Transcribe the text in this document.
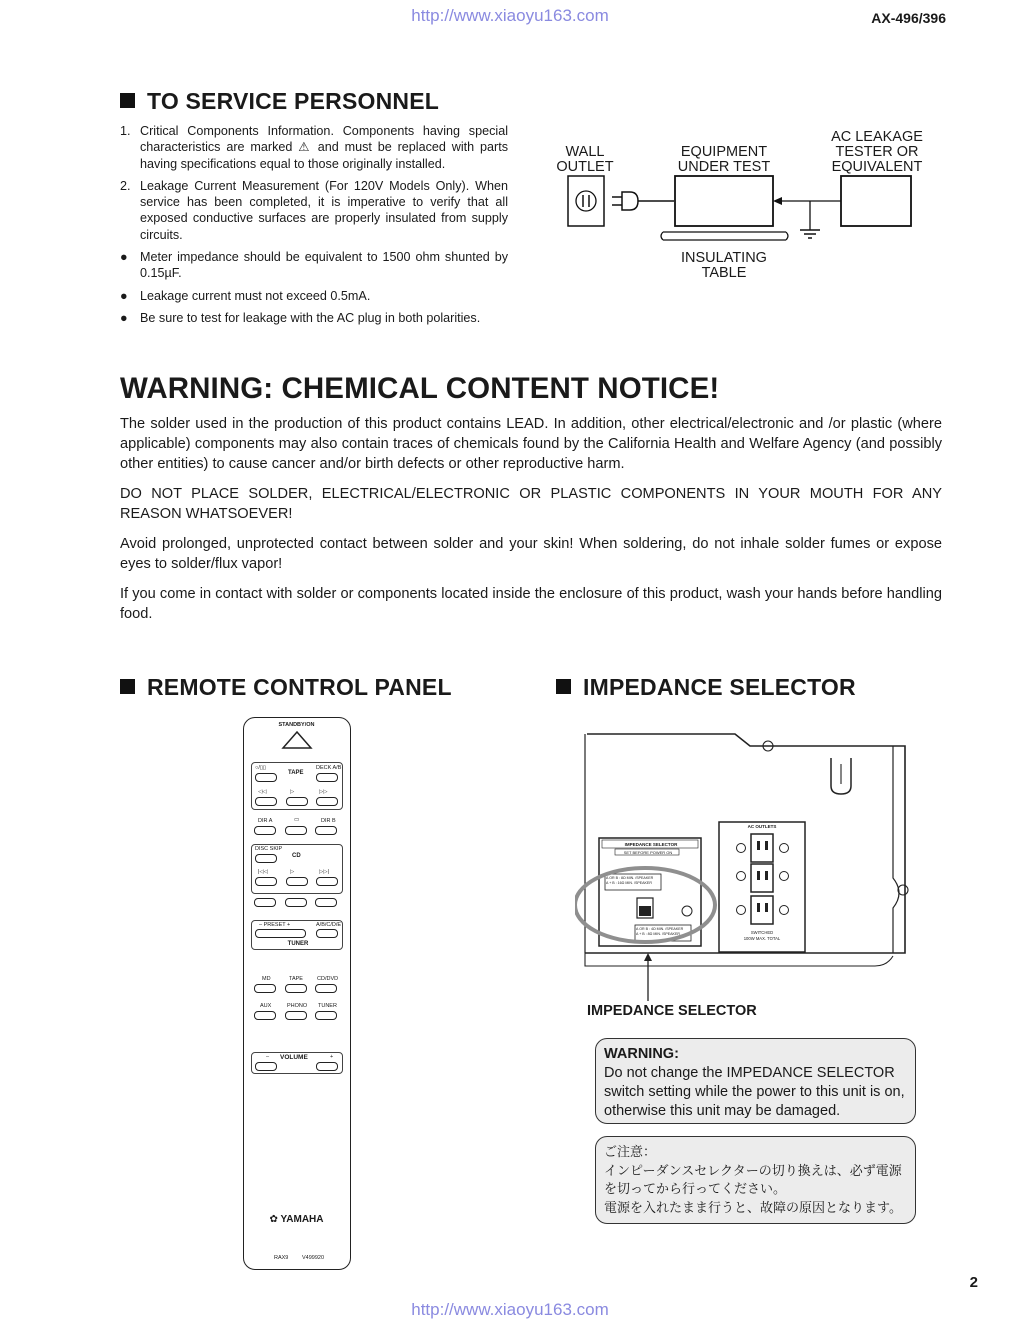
http://www.xiaoyu163.com	AX-496/396
http://www.xiaoyu163.com
2
TO SERVICE PERSONNEL
1. Critical Components Information. Components having special characteristics are marked ⚠ and must be replaced with parts having specifications equal to those originally installed.
2. Leakage Current Measurement (For 120V Models Only). When service has been completed, it is imperative to verify that all exposed conductive surfaces are properly insulated from supply circuits.
● Meter impedance should be equivalent to 1500 ohm shunted by 0.15µF.
● Leakage current must not exceed 0.5mA.
● Be sure to test for leakage with the AC plug in both polarities.
WALL
OUTLET
EQUIPMENT
UNDER TEST
AC LEAKAGE
TESTER OR
EQUIVALENT
INSULATING
TABLE
WARNING: CHEMICAL CONTENT NOTICE!

The solder used in the production of this product contains LEAD. In addition, other electrical/electronic and /or plastic (where applicable) components may also contain traces of chemicals found by the California Health and Welfare Agency (and possibly other entities) to cause cancer and/or birth defects or other reproductive harm.

DO NOT PLACE SOLDER, ELECTRICAL/ELECTRONIC OR PLASTIC COMPONENTS IN YOUR MOUTH FOR ANY REASON WHATSOEVER!

Avoid prolonged, unprotected contact between solder and your skin! When soldering, do not inhale solder fumes or expose eyes to solder/flux vapor!

If you come in contact with solder or components located inside the enclosure of this product, wash your hands before handling food.

REMOTE CONTROL PANEL
STANDBY/ON
○/▯▯
TAPE
DECK A/B
◁◁	▷	▷▷
DIR A	▭	DIR B
DISC SKIP
CD
|◁◁	▷	▷▷|
– PRESET +	A/B/C/D/E
TUNER
MD	TAPE	CD/DVD
AUX	PHONO TUNER
– VOLUME	+
✿ YAMAHA
RAX9 V499920
IMPEDANCE SELECTOR
IMPEDANCE SELECTOR
SET BEFORE POWER ON
A OR B : 8Ω MIN. /SPEAKER
A + B : 16Ω MIN. /SPEAKER
A OR B : 4Ω MIN. /SPEAKER
A + B : 8Ω MIN. /SPEAKER
AC OUTLETS
SWITCHED
100W MAX. TOTAL
IMPEDANCE SELECTOR
WARNING:
Do not change the IMPEDANCE SELECTOR switch setting while the power to this unit is on, otherwise this unit may be damaged.
ご注意：
インピーダンスセレクターの切り換えは、必ず電源
を切ってから行ってください。
電源を入れたまま行うと、故障の原因となります。
